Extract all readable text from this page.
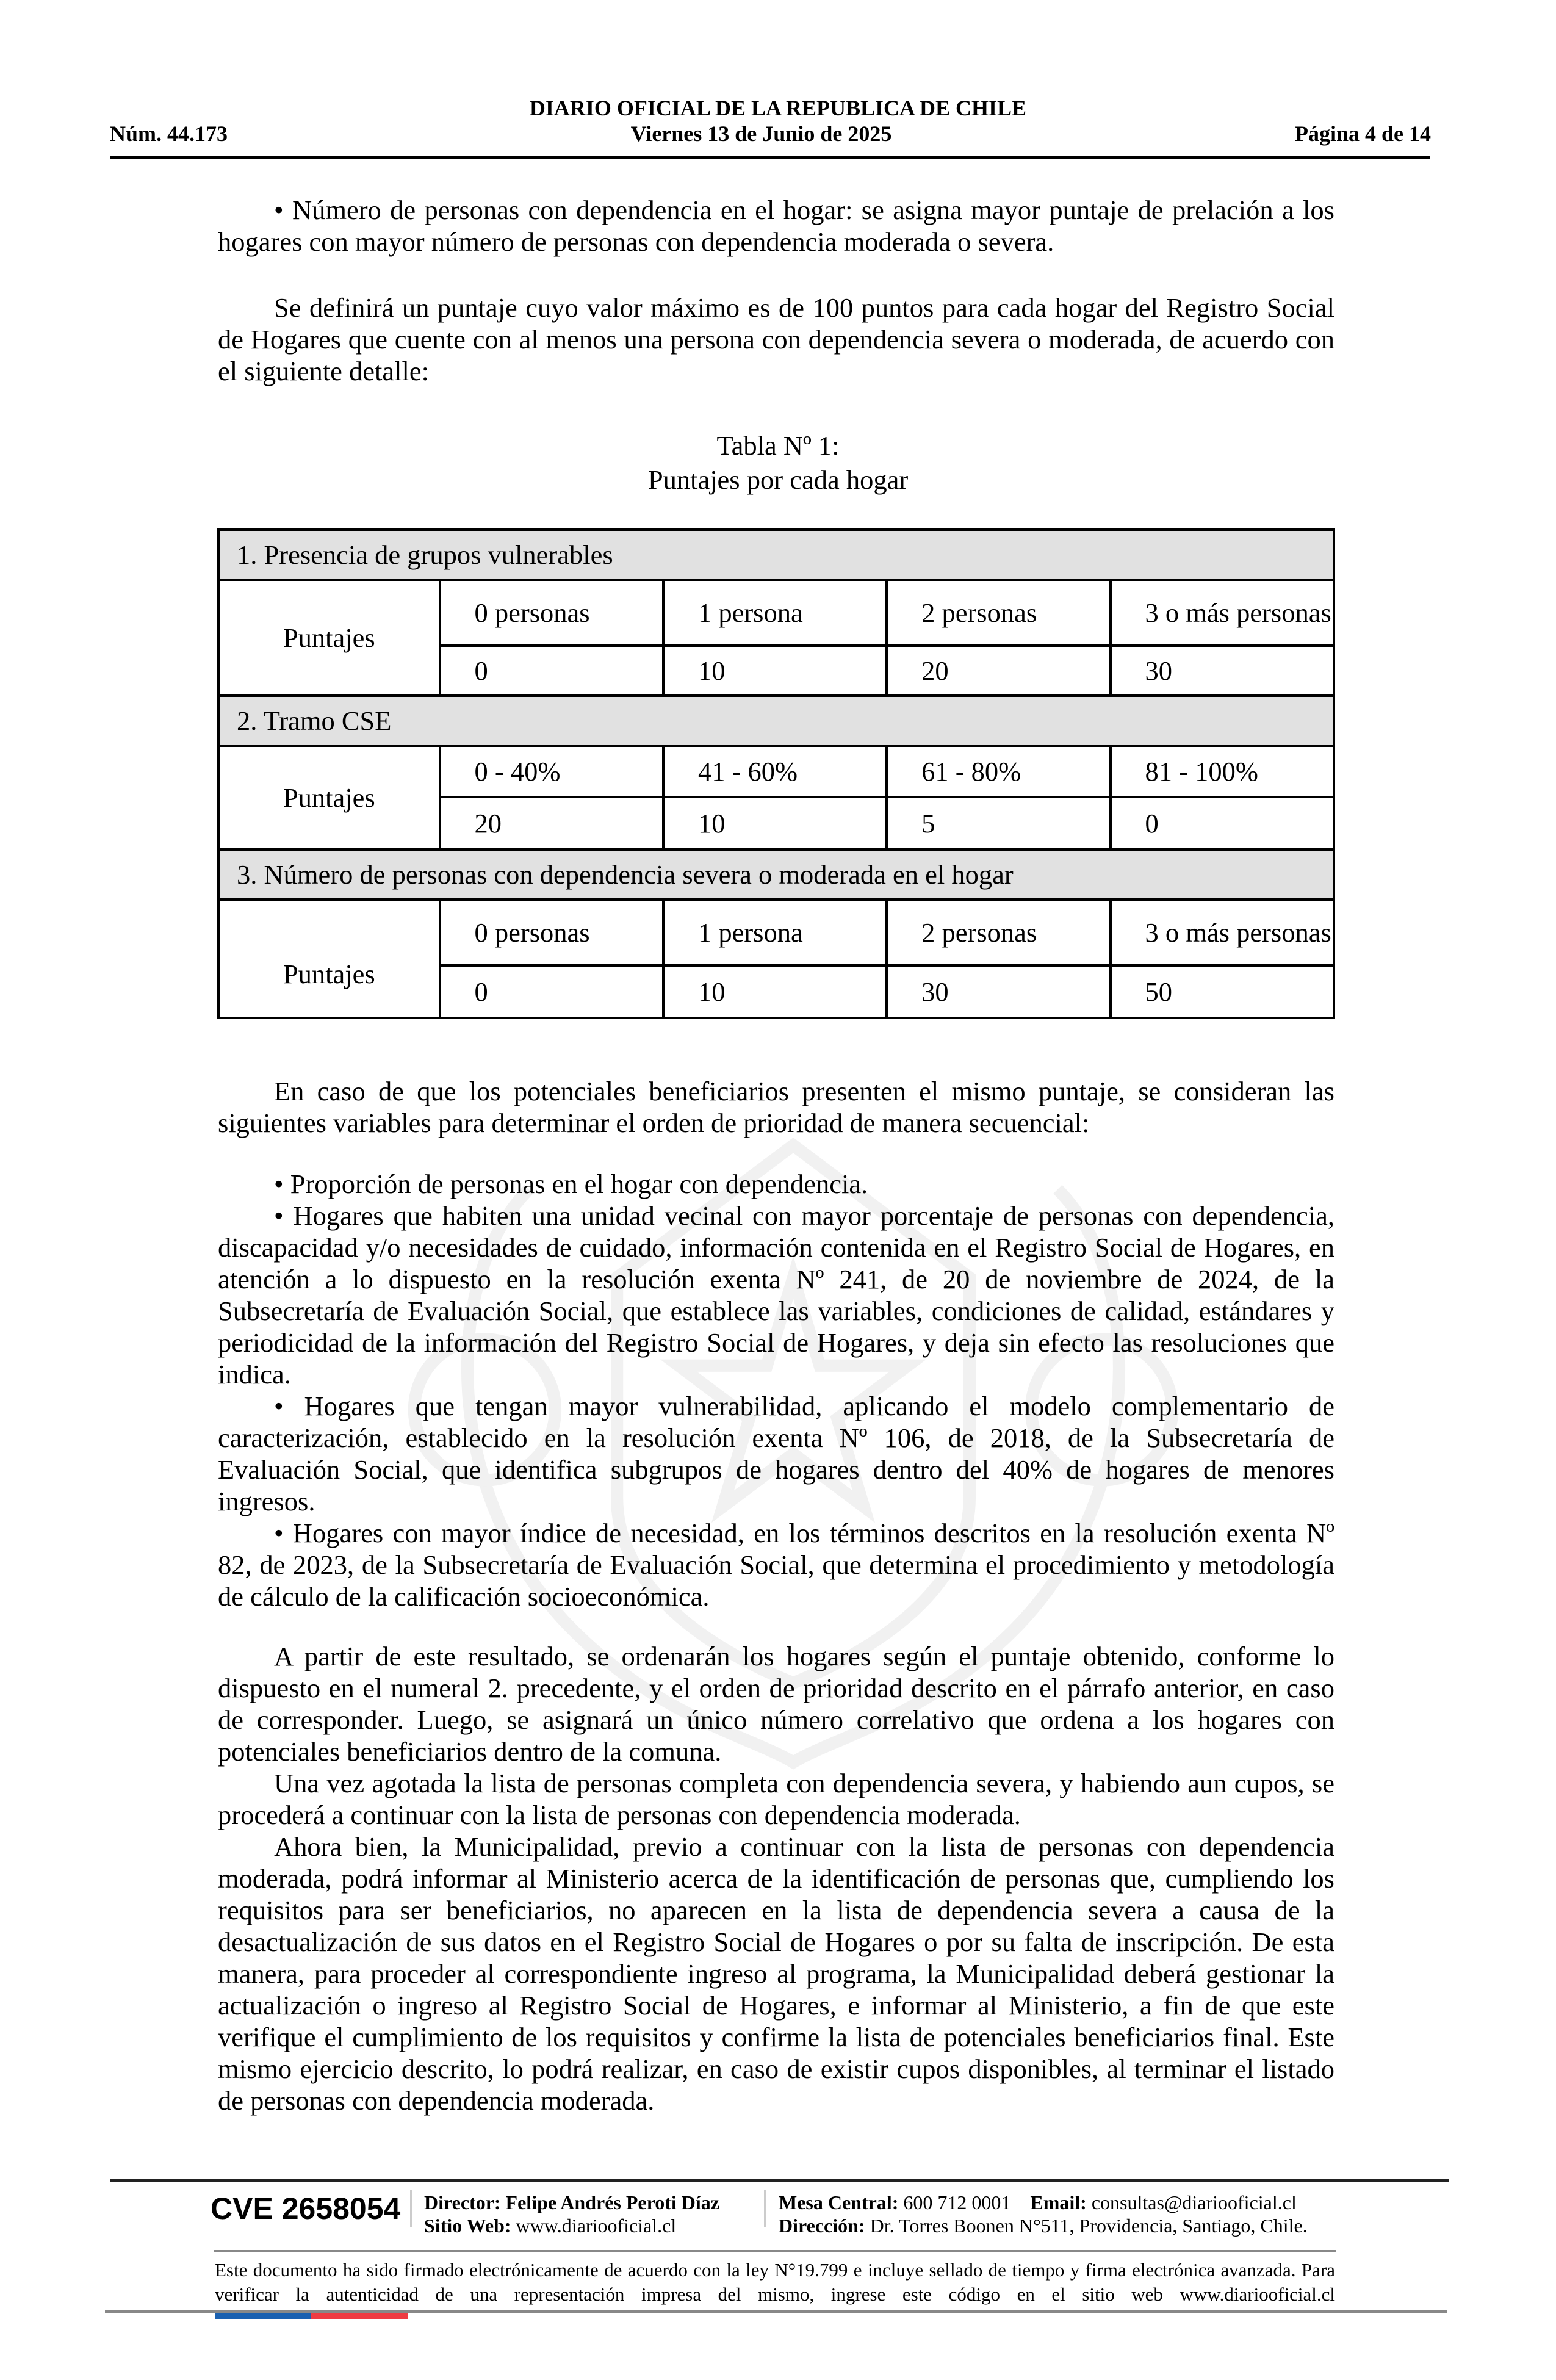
DIARIO OFICIAL DE LA REPUBLICA DE CHILE
Núm. 44.173	Viernes 13 de Junio de 2025	Página 4 de 14

• Número de personas con dependencia en el hogar: se asigna mayor puntaje de prelación a los hogares con mayor número de personas con dependencia moderada o severa.

Se definirá un puntaje cuyo valor máximo es de 100 puntos para cada hogar del Registro Social de Hogares que cuente con al menos una persona con dependencia severa o moderada, de acuerdo con el siguiente detalle:

Tabla Nº 1:
Puntajes por cada hogar
1. Presencia de grupos vulnerables				
Puntajes	0 personas	1 persona	2 personas	3 o más personas
	0	10	20	30
2. Tramo CSE				
Puntajes	0 - 40%	41 - 60%	61 - 80%	81 - 100%
	20	10	5	0
3. Número de personas con dependencia severa o moderada en el hogar				
Puntajes	0 personas	1 persona	2 personas	3 o más personas
	0	10	30	50

En caso de que los potenciales beneficiarios presenten el mismo puntaje, se consideran las siguientes variables para determinar el orden de prioridad de manera secuencial:

• Proporción de personas en el hogar con dependencia.

• Hogares que habiten una unidad vecinal con mayor porcentaje de personas con dependencia, discapacidad y/o necesidades de cuidado, información contenida en el Registro Social de Hogares, en atención a lo dispuesto en la resolución exenta Nº 241, de 20 de noviembre de 2024, de la Subsecretaría de Evaluación Social, que establece las variables, condiciones de calidad, estándares y periodicidad de la información del Registro Social de Hogares, y deja sin efecto las resoluciones que indica.

• Hogares que tengan mayor vulnerabilidad, aplicando el modelo complementario de caracterización, establecido en la resolución exenta Nº 106, de 2018, de la Subsecretaría de Evaluación Social, que identifica subgrupos de hogares dentro del 40% de hogares de menores ingresos.

• Hogares con mayor índice de necesidad, en los términos descritos en la resolución exenta Nº 82, de 2023, de la Subsecretaría de Evaluación Social, que determina el procedimiento y metodología de cálculo de la calificación socioeconómica.

A partir de este resultado, se ordenarán los hogares según el puntaje obtenido, conforme lo dispuesto en el numeral 2. precedente, y el orden de prioridad descrito en el párrafo anterior, en caso de corresponder. Luego, se asignará un único número correlativo que ordena a los hogares con potenciales beneficiarios dentro de la comuna.

Una vez agotada la lista de personas completa con dependencia severa, y habiendo aun cupos, se procederá a continuar con la lista de personas con dependencia moderada.

Ahora bien, la Municipalidad, previo a continuar con la lista de personas con dependencia moderada, podrá informar al Ministerio acerca de la identificación de personas que, cumpliendo los requisitos para ser beneficiarios, no aparecen en la lista de dependencia severa a causa de la desactualización de sus datos en el Registro Social de Hogares o por su falta de inscripción. De esta manera, para proceder al correspondiente ingreso al programa, la Municipalidad deberá gestionar la actualización o ingreso al Registro Social de Hogares, e informar al Ministerio, a fin de que este verifique el cumplimiento de los requisitos y confirme la lista de potenciales beneficiarios final. Este mismo ejercicio descrito, lo podrá realizar, en caso de existir cupos disponibles, al terminar el listado de personas con dependencia moderada.

CVE 2658054 Director: Felipe Andrés Peroti Díaz
Sitio Web: www.diariooficial.cl
Mesa Central: 600 712 0001 Email: consultas@diariooficial.cl
Dirección: Dr. Torres Boonen N°511, Providencia, Santiago, Chile.
Este documento ha sido firmado electrónicamente de acuerdo con la ley N°19.799 e incluye sellado de tiempo y firma electrónica avanzada. Para verificar la autenticidad de una representación impresa del mismo, ingrese este código en el sitio web www.diariooficial.cl
